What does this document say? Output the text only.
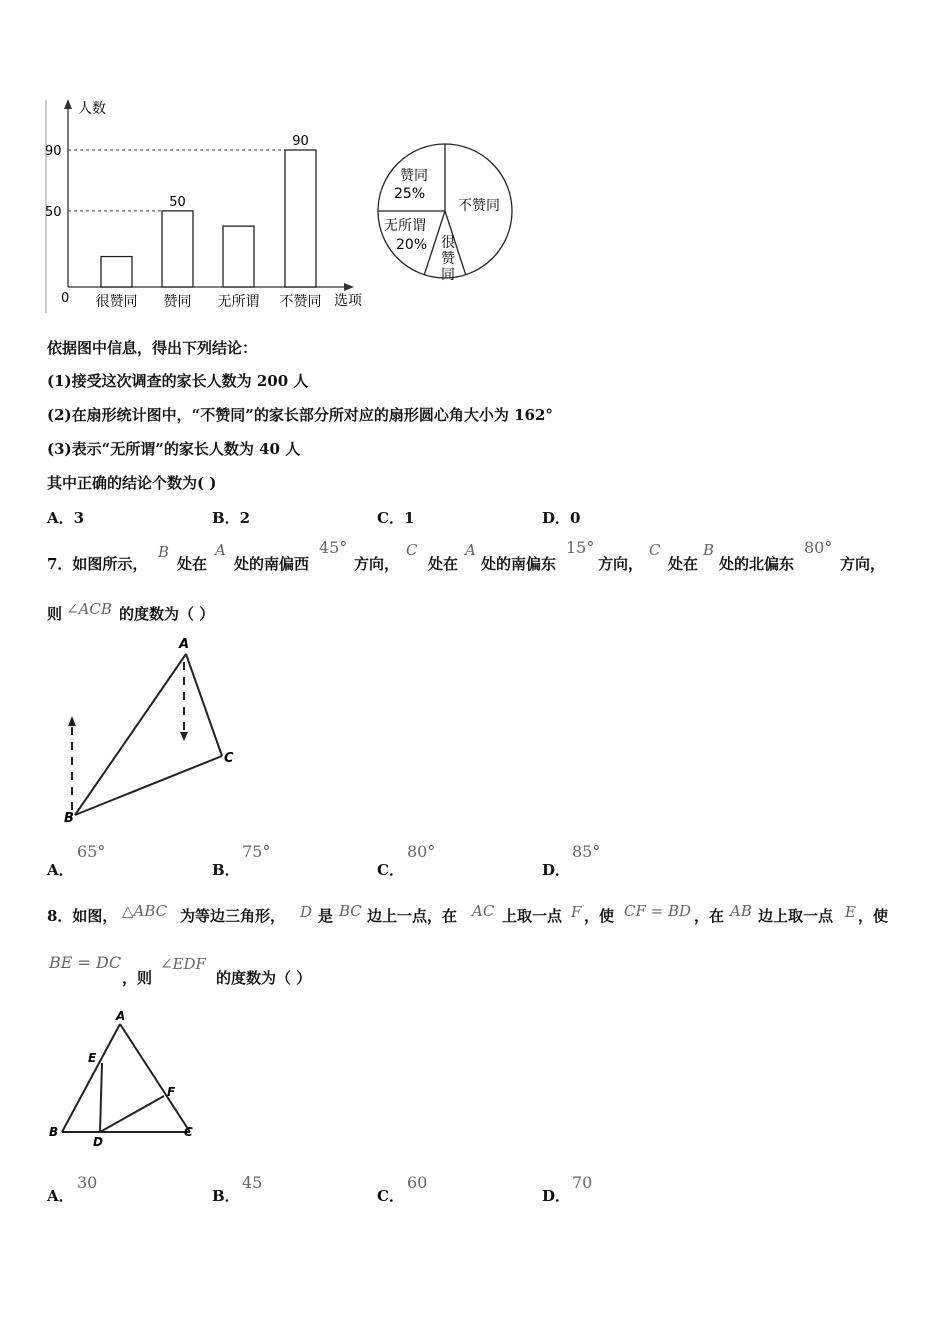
人数
选项
0
50
90
很赞同 赞同
50
无所谓 不赞同
90
赞同
25%
不赞同
无所谓
20% 很赞同
依据图中信息，得出下列结论：
(1)接受这次调查的家长人数为 200 人
(2)在扇形统计图中，“不赞同”的家长部分所对应的扇形圆心角大小为 162°
(3)表示“无所谓”的家长人数为 40 人
其中正确的结论个数为( )
A．3	B．2	C．1	D．0
7．如图所示，
B
处在
A
处的南偏西
45°
方向，
C
处在
A
处的南偏东
15°
方向，
C
处在
B
处的北偏东
80°
方向，
则 ∠ACB 的度数为（ ）
A
B
C
A．
65°
B．
75°
C．
80°
D．
85°
8．如图， △ABC 为等边三角形， D 是 BC 边上一点，在 AC 上取一点 F ，使 CF = BD ，在 AB 边上取一点 E ，使
BE = DC
，则
∠EDF
的度数为（ ）
A
B	C
D
E
F
A．
30
B．
45
C．
60
D．
70
